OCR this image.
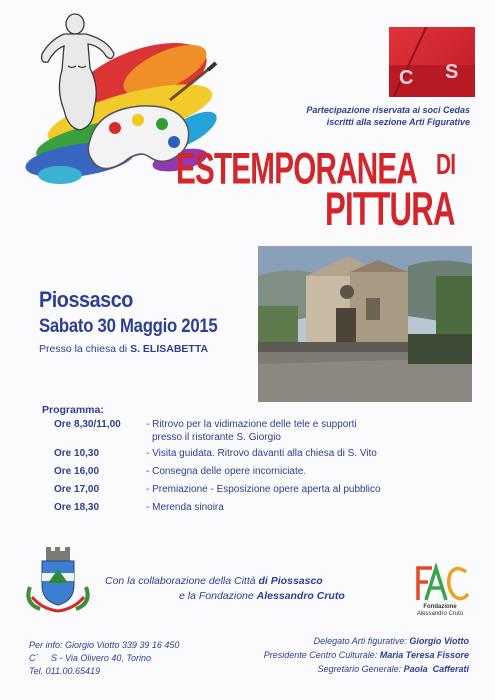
C S
Partecipazione riservata ai soci Cedas
iscritti alla sezione Arti Figurative
ESTEMPORANEA DI
PITTURA
Piossasco
Sabato 30 Maggio 2015
Presso la chiesa di S. ELISABETTA
Programma:
Ore 8,30/11,00	- Ritrovo per la vidimazione delle tele e supporti
presso il ristorante S. Giorgio
Ore 10,30	- Visita guidata. Ritrovo davanti alla chiesa di S. Vito
Ore 16,00	- Consegna delle opere incorniciate.
Ore 17,00	- Premiazione - Esposizione opere aperta al pubblico
Ore 18,30	- Merenda sinoira
Con la collaborazione della Città di Piossasco
e la Fondazione Alessandro Cruto
Fondazione
Alessandro Cruto
Per info: Giorgio Viotto 339 39 16 450
C´     S - Via Olivero 40, Torino
Tel. 011.00.65419
Delegato Arti figurative: Giorgio Viotto
Presidente Centro Culturale: Maria Teresa Fissore
Segretario Generale: Paola  Cafferati
